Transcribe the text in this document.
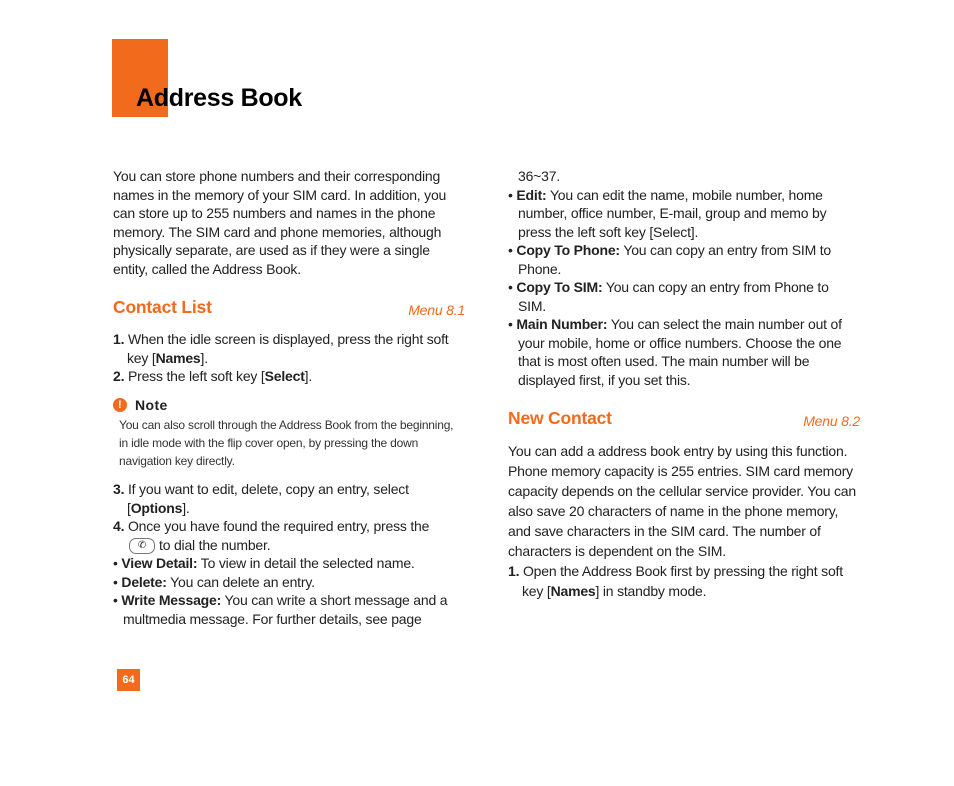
Address Book

You can store phone numbers and their corresponding names in the memory of your SIM card. In addition, you can store up to 255 numbers and names in the phone memory. The SIM card and phone memories, although physically separate, are used as if they were a single entity, called the Address Book.

Contact List	Menu 8.1

1. When the idle screen is displayed, press the right soft key [Names].

2. Press the left soft key [Select].

! Note
You can also scroll through the Address Book from the beginning, in idle mode with the flip cover open, by pressing the down navigation key directly.

3. If you want to edit, delete, copy an entry, select [Options].

4. Once you have found the required entry, press the
✆ to dial the number.

• View Detail: To view in detail the selected name.

• Delete: You can delete an entry.

• Write Message: You can write a short message and a multmedia message. For further details, see page

36~37.

• Edit: You can edit the name, mobile number, home number, office number, E-mail, group and memo by press the left soft key [Select].

• Copy To Phone: You can copy an entry from SIM to Phone.

• Copy To SIM: You can copy an entry from Phone to SIM.

• Main Number: You can select the main number out of your mobile, home or office numbers. Choose the one that is most often used. The main number will be displayed first, if you set this.

New Contact	Menu 8.2

You can add a address book entry by using this function. Phone memory capacity is 255 entries. SIM card memory capacity depends on the cellular service provider. You can also save 20 characters of name in the phone memory, and save characters in the SIM card. The number of characters is dependent on the SIM.

1. Open the Address Book first by pressing the right soft key [Names] in standby mode.

64
